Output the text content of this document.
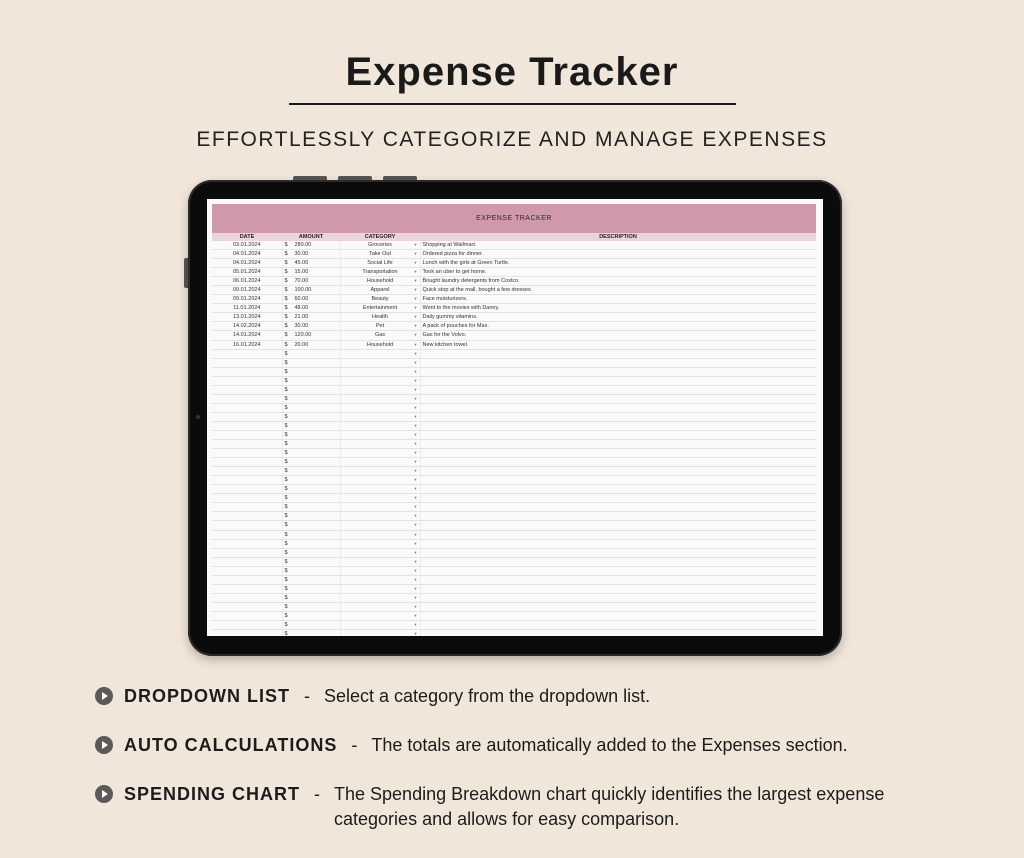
Expense Tracker
EFFORTLESSLY CATEGORIZE AND MANAGE EXPENSES
EXPENSE TRACKER
DATE	AMOUNT	CATEGORY	DESCRIPTION
03.01.2024	$ 280.00	Groceries ▼	Shopping at Wallmart.
04.01.2024	$ 30.00	Take Out ▼	Ordered pizza for dinner.
04.01.2024	$ 45.00	Social Life ▼	Lunch with the girls at Green Turtle.
05.01.2024	$ 15.00	Transportation ▼	Took an uber to get home.
06.01.2024	$ 70.00	Household ▼	Bought laundry detergents from Costco.
09.01.2024	$ 100.00	Apparel ▼	Quick stop at the mall, bought a few dresses.
09.01.2024	$ 60.00	Beauty ▼	Face moisturizers.
11.01.2024	$ 48.00	Entertainment ▼	Went to the movies with Danny.
13.01.2024	$ 21.00	Health ▼	Daily gummy vitamins.
14.02.2024	$ 30.00	Pet ▼	A pack of pouches for Max.
14.01.2024	$ 120.00	Gas ▼	Gas for the Volvo.
16.01.2024	$ 20.00	Household ▼	New kitchen towel.
	$	▼	

	$	▼	

	$	▼	

	$	▼	

	$	▼	

	$	▼	

	$	▼	

	$	▼	

	$	▼	

	$	▼	

	$	▼	

	$	▼	

	$	▼	

	$	▼	

	$	▼	

	$	▼	

	$	▼	

	$	▼	

	$	▼	

	$	▼	

	$	▼	

	$	▼	

	$	▼	

	$	▼	

	$	▼	

	$	▼	

	$	▼	

	$	▼	

	$	▼	

	$	▼	

	$	▼	

	$	▼	

DROPDOWN LIST - Select a category from the dropdown list.
AUTO CALCULATIONS - The totals are automatically added to the Expenses section.
SPENDING CHART - The Spending Breakdown chart quickly identifies the largest expense categories and allows for easy comparison.
